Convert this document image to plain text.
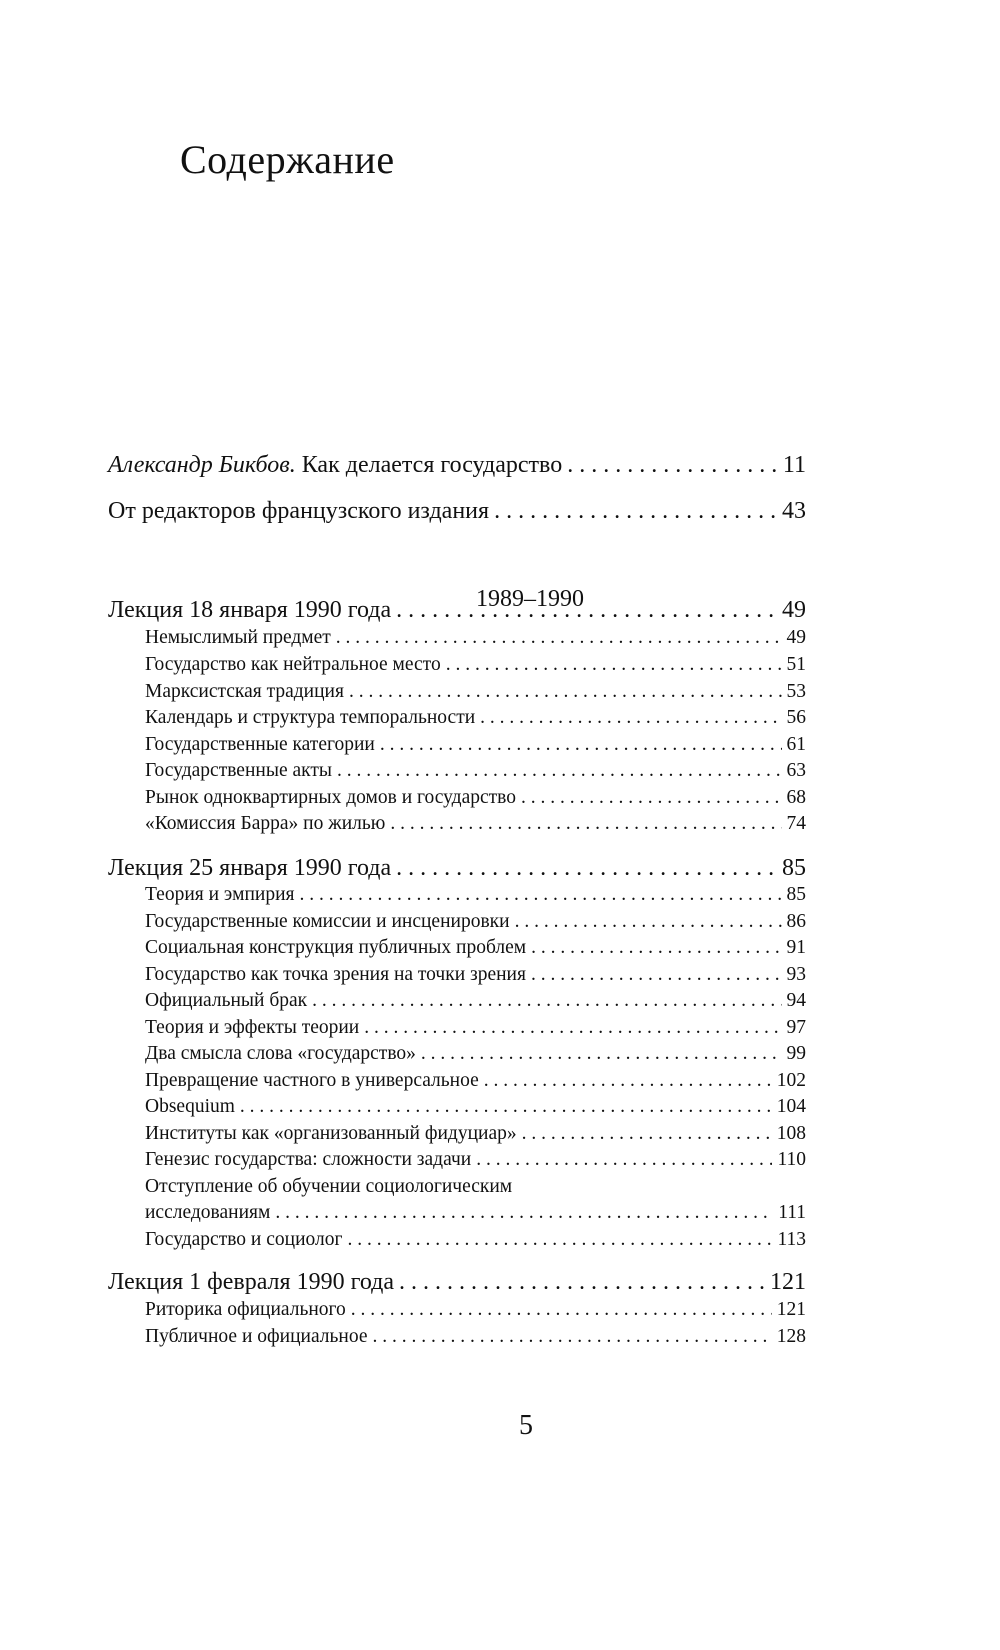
Содержание
Александр Бикбов. Как делается государство . . .	11
От редакторов французского издания . . .	43
Лекция 18 января 1990 года . . .	49
Немыслимый предмет . . .	49
Государство как нейтральное место . . .	51
Марксистская традиция . . .	53
Календарь и структура темпоральности . . .	56
Государственные категории . . .	61
Государственные акты . . .	63
Рынок одноквартирных домов и государство . . .	68
«Комиссия Барра» по жилью . . .	74
Лекция 25 января 1990 года . . .	85
Теория и эмпирия . . .	85
Государственные комиссии и инсценировки . . .	86
Социальная конструкция публичных проблем . . .	91
Государство как точка зрения на точки зрения . . .	93
Официальный брак . . .	94
Теория и эффекты теории . . .	97
Два смысла слова «государство» . . .	99
Превращение частного в универсальное . . .	102
Obsequium . . .	104
Институты как «организованный фидуциар» . . .	108
Генезис государства: сложности задачи . . .	110
Отступление об обучении социологическим
исследованиям . . .	111
Государство и социолог . . .	113
Лекция 1 февраля 1990 года . . .	121
Риторика официального . . .	121
Публичное и официальное . . .	128
1989–1990
5
